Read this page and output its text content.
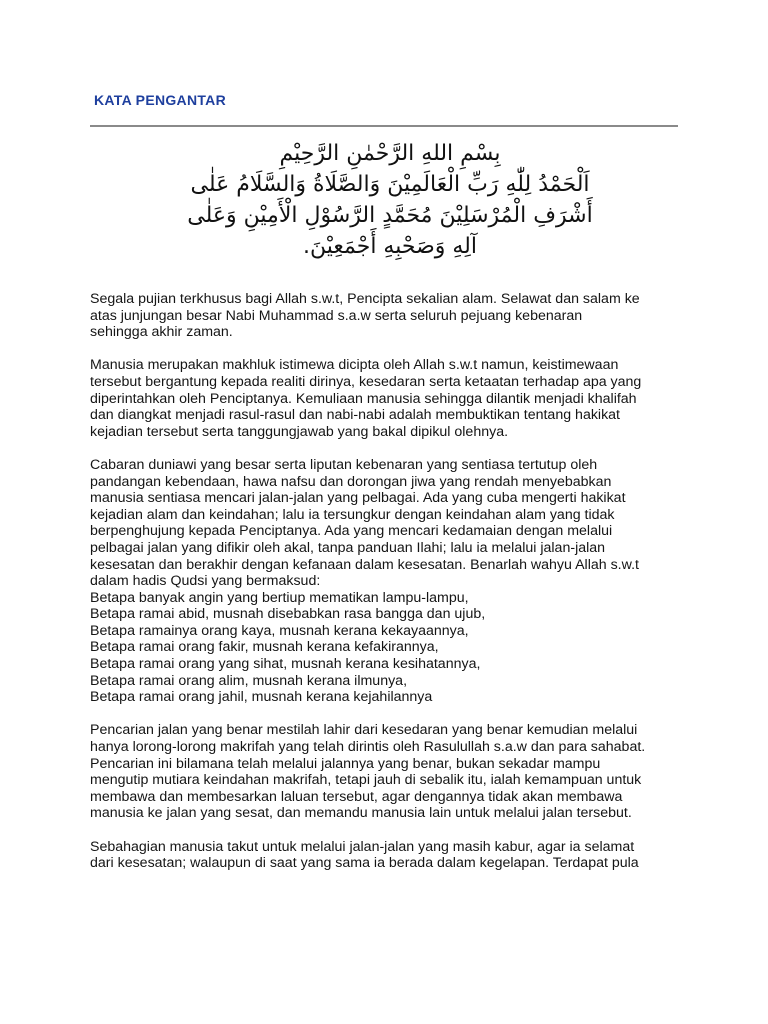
KATA PENGANTAR
بِسْمِ اللهِ الرَّحْمٰنِ الرَّحِيْمِ
اَلْحَمْدُ لِلّٰهِ رَبِّ الْعَالَمِيْنَ وَالصَّلَاةُ وَالسَّلَامُ عَلٰى
أَشْرَفِ الْمُرْسَلِيْنَ مُحَمَّدٍ الرَّسُوْلِ الْأَمِيْنِ وَعَلٰى
آلِهِ وَصَحْبِهِ أَجْمَعِيْنَ.
Segala pujian terkhusus bagi Allah s.w.t, Pencipta sekalian alam. Selawat dan salam ke
atas junjungan besar Nabi Muhammad s.a.w serta seluruh pejuang kebenaran
sehingga akhir zaman.
Manusia merupakan makhluk istimewa dicipta oleh Allah s.w.t namun, keistimewaan
tersebut bergantung kepada realiti dirinya, kesedaran serta ketaatan terhadap apa yang
diperintahkan oleh Penciptanya. Kemuliaan manusia sehingga dilantik menjadi khalifah
dan diangkat menjadi rasul-rasul dan nabi-nabi adalah membuktikan tentang hakikat
kejadian tersebut serta tanggungjawab yang bakal dipikul olehnya.
Cabaran duniawi yang besar serta liputan kebenaran yang sentiasa tertutup oleh
pandangan kebendaan, hawa nafsu dan dorongan jiwa yang rendah menyebabkan
manusia sentiasa mencari jalan-jalan yang pelbagai. Ada yang cuba mengerti hakikat
kejadian alam dan keindahan; lalu ia tersungkur dengan keindahan alam yang tidak
berpenghujung kepada Penciptanya. Ada yang mencari kedamaian dengan melalui
pelbagai jalan yang difikir oleh akal, tanpa panduan Ilahi; lalu ia melalui jalan-jalan
kesesatan dan berakhir dengan kefanaan dalam kesesatan. Benarlah wahyu Allah s.w.t
dalam hadis Qudsi yang bermaksud:
Betapa banyak angin yang bertiup mematikan lampu-lampu,
Betapa ramai abid, musnah disebabkan rasa bangga dan ujub,
Betapa ramainya orang kaya, musnah kerana kekayaannya,
Betapa ramai orang fakir, musnah kerana kefakirannya,
Betapa ramai orang yang sihat, musnah kerana kesihatannya,
Betapa ramai orang alim, musnah kerana ilmunya,
Betapa ramai orang jahil, musnah kerana kejahilannya
Pencarian jalan yang benar mestilah lahir dari kesedaran yang benar kemudian melalui
hanya lorong-lorong makrifah yang telah dirintis oleh Rasulullah s.a.w dan para sahabat.
Pencarian ini bilamana telah melalui jalannya yang benar, bukan sekadar mampu
mengutip mutiara keindahan makrifah, tetapi jauh di sebalik itu, ialah kemampuan untuk
membawa dan membesarkan laluan tersebut, agar dengannya tidak akan membawa
manusia ke jalan yang sesat, dan memandu manusia lain untuk melalui jalan tersebut.
Sebahagian manusia takut untuk melalui jalan-jalan yang masih kabur, agar ia selamat
dari kesesatan; walaupun di saat yang sama ia berada dalam kegelapan. Terdapat pula
